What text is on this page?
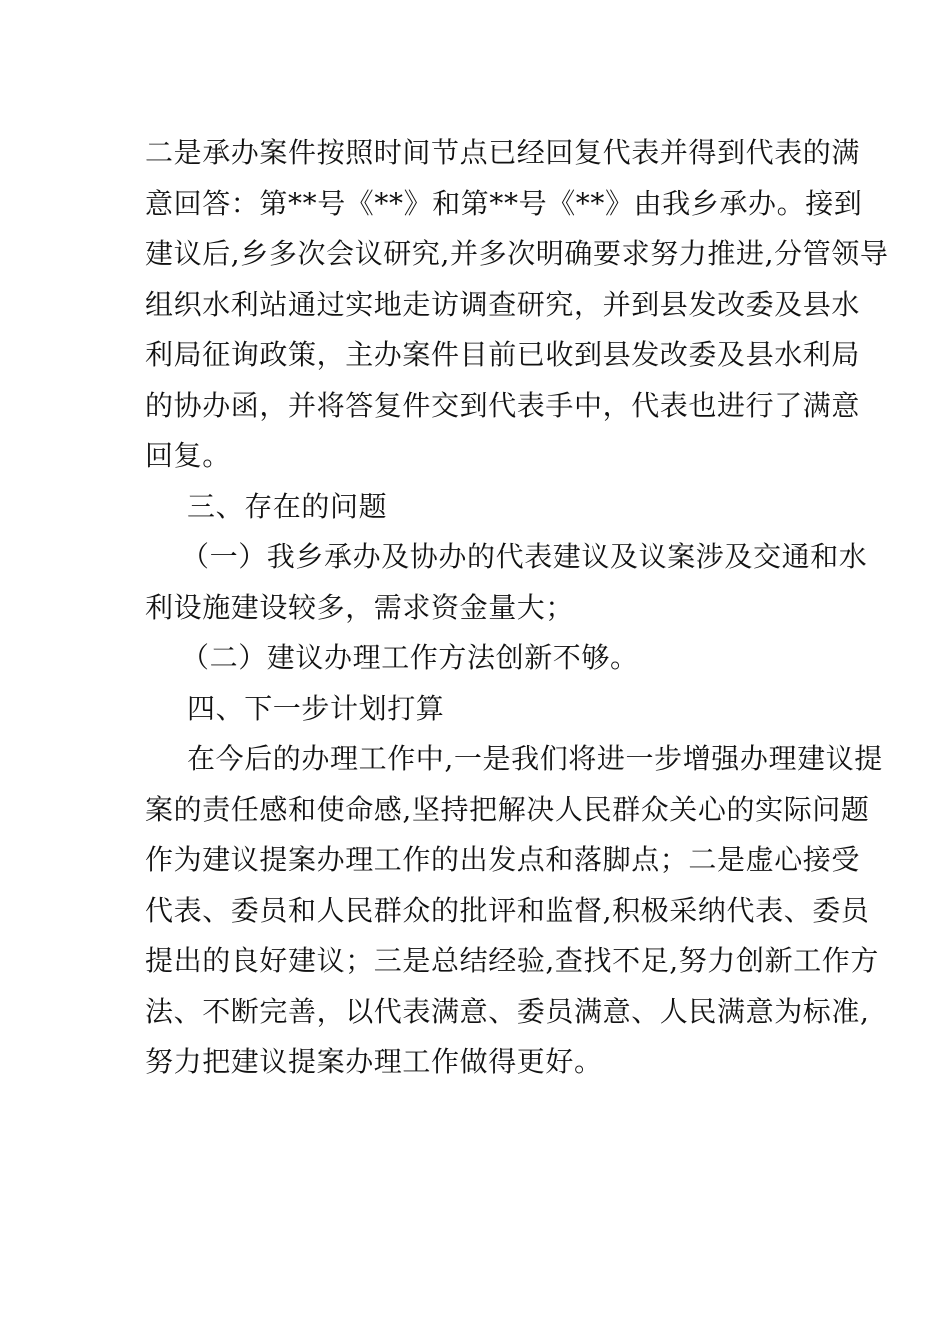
二是承办案件按照时间节点已经回复代表并得到代表的满
意回答：第**号《**》和第**号《**》由我乡承办。接到
建议后,乡多次会议研究,并多次明确要求努力推进,分管领导
组织水利站通过实地走访调查研究，并到县发改委及县水
利局征询政策，主办案件目前已收到县发改委及县水利局
的协办函，并将答复件交到代表手中，代表也进行了满意
回复。

三、存在的问题

（一）我乡承办及协办的代表建议及议案涉及交通和水
利设施建设较多，需求资金量大；

（二）建议办理工作方法创新不够。

四、下一步计划打算

在今后的办理工作中,一是我们将进一步增强办理建议提
案的责任感和使命感,坚持把解决人民群众关心的实际问题
作为建议提案办理工作的出发点和落脚点；二是虚心接受
代表、委员和人民群众的批评和监督,积极采纳代表、委员
提出的良好建议；三是总结经验,查找不足,努力创新工作方
法、不断完善，以代表满意、委员满意、人民满意为标准,
努力把建议提案办理工作做得更好。
